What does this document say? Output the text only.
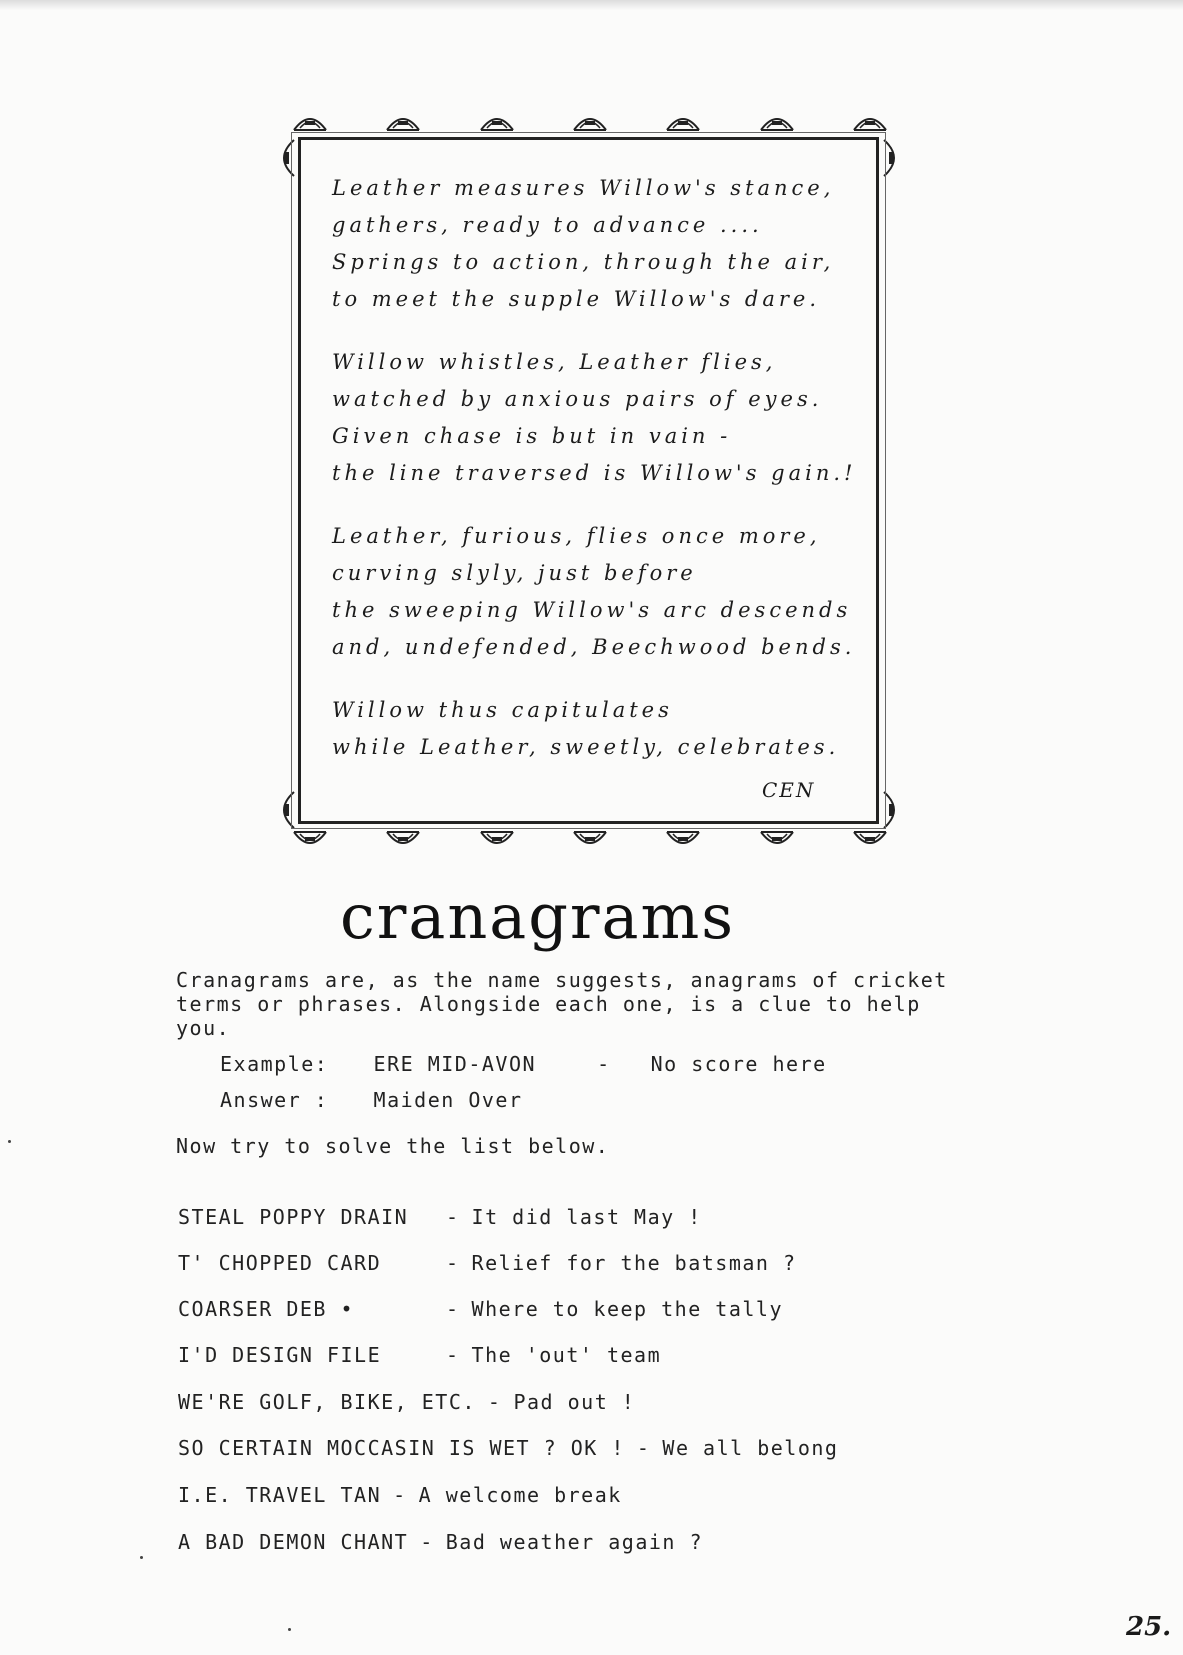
Leather measures Willow's stance,
gathers, ready to advance ....
Springs to action, through the air,
to meet the supple Willow's dare.
Willow whistles, Leather flies,
watched by anxious pairs of eyes.
Given chase is but in vain -
the line traversed is Willow's gain.!
Leather, furious, flies once more,
curving slyly, just before
the sweeping Willow's arc descends
and, undefended, Beechwood bends.
Willow thus capitulates
while Leather, sweetly, celebrates.
CEN
cranagrams
Cranagrams are, as the name suggests, anagrams of cricket
terms or phrases. Alongside each one, is a clue to help
you.
Example: ERE MID-AVON	- No score here
Answer : Maiden Over
Now try to solve the list below.
STEAL POPPY DRAIN - It did last May !
T' CHOPPED CARD	- Relief for the batsman ?
COARSER DEB •	- Where to keep the tally
I'D DESIGN FILE	- The 'out' team
WE'RE GOLF, BIKE, ETC. - Pad out !
SO CERTAIN MOCCASIN IS WET ? OK ! - We all belong
I.E. TRAVEL TAN - A welcome break
A BAD DEMON CHANT - Bad weather again ?
25.
